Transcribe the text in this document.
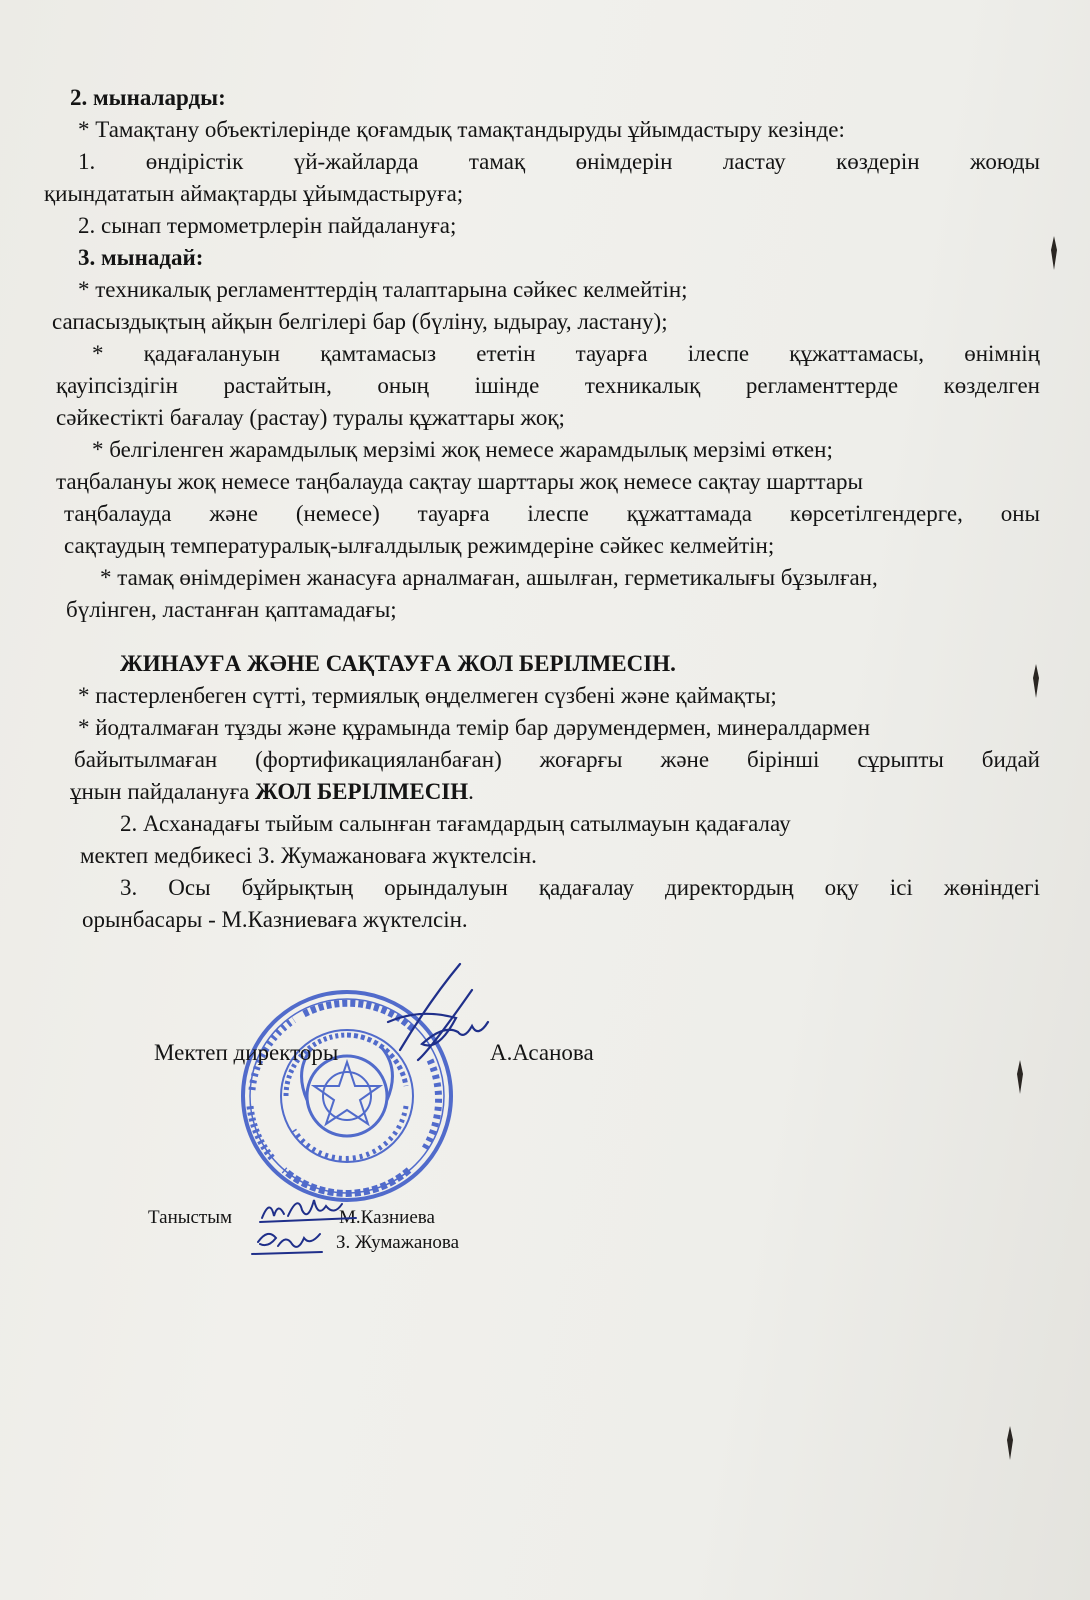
2. мыналарды:
* Тамақтану объектілерінде қоғамдық тамақтандыруды ұйымдастыру кезінде:
1. өндірістік үй-жайларда тамақ өнімдерін ластау көздерін жоюды
қиындататын аймақтарды ұйымдастыруға;
2. сынап термометрлерін пайдалануға;
3. мынадай:
* техникалық регламенттердің талаптарына сәйкес келмейтін;
сапасыздықтың айқын белгілері бар (бүліну, ыдырау, ластану);
* қадағалануын қамтамасыз ететін тауарға ілеспе құжаттамасы, өнімнің
қауіпсіздігін растайтын, оның ішінде техникалық регламенттерде көзделген
сәйкестікті бағалау (растау) туралы құжаттары жоқ;
* белгіленген жарамдылық мерзімі жоқ немесе жарамдылық мерзімі өткен;
таңбалануы жоқ немесе таңбалауда сақтау шарттары жоқ немесе сақтау шарттары
таңбалауда және (немесе) тауарға ілеспе құжаттамада көрсетілгендерге, оны
сақтаудың температуралық-ылғалдылық режимдеріне сәйкес келмейтін;
* тамақ өнімдерімен жанасуға арналмаған, ашылған, герметикалығы бұзылған,
бүлінген, ластанған қаптамадағы;
ЖИНАУҒА ЖӘНЕ САҚТАУҒА ЖОЛ БЕРІЛМЕСІН.
* пастерленбеген сүтті, термиялық өңделмеген сүзбені және қаймақты;
* йодталмаған тұзды және құрамында темір бар дәрумендермен, минералдармен
байытылмаған (фортификацияланбаған) жоғарғы және бірінші сұрыпты бидай
ұнын пайдалануға ЖОЛ БЕРІЛМЕСІН.
2. Асханадағы тыйым салынған тағамдардың сатылмауын қадағалау
мектеп медбикесі З. Жумажановаға жүктелсін.
3. Осы бұйрықтың орындалуын қадағалау директордың оқу ісі жөніндегі
орынбасары - М.Казниеваға жүктелсін.
Мектеп директоры	А.Асанова
Таныстым	М.Казниева
З. Жумажанова
